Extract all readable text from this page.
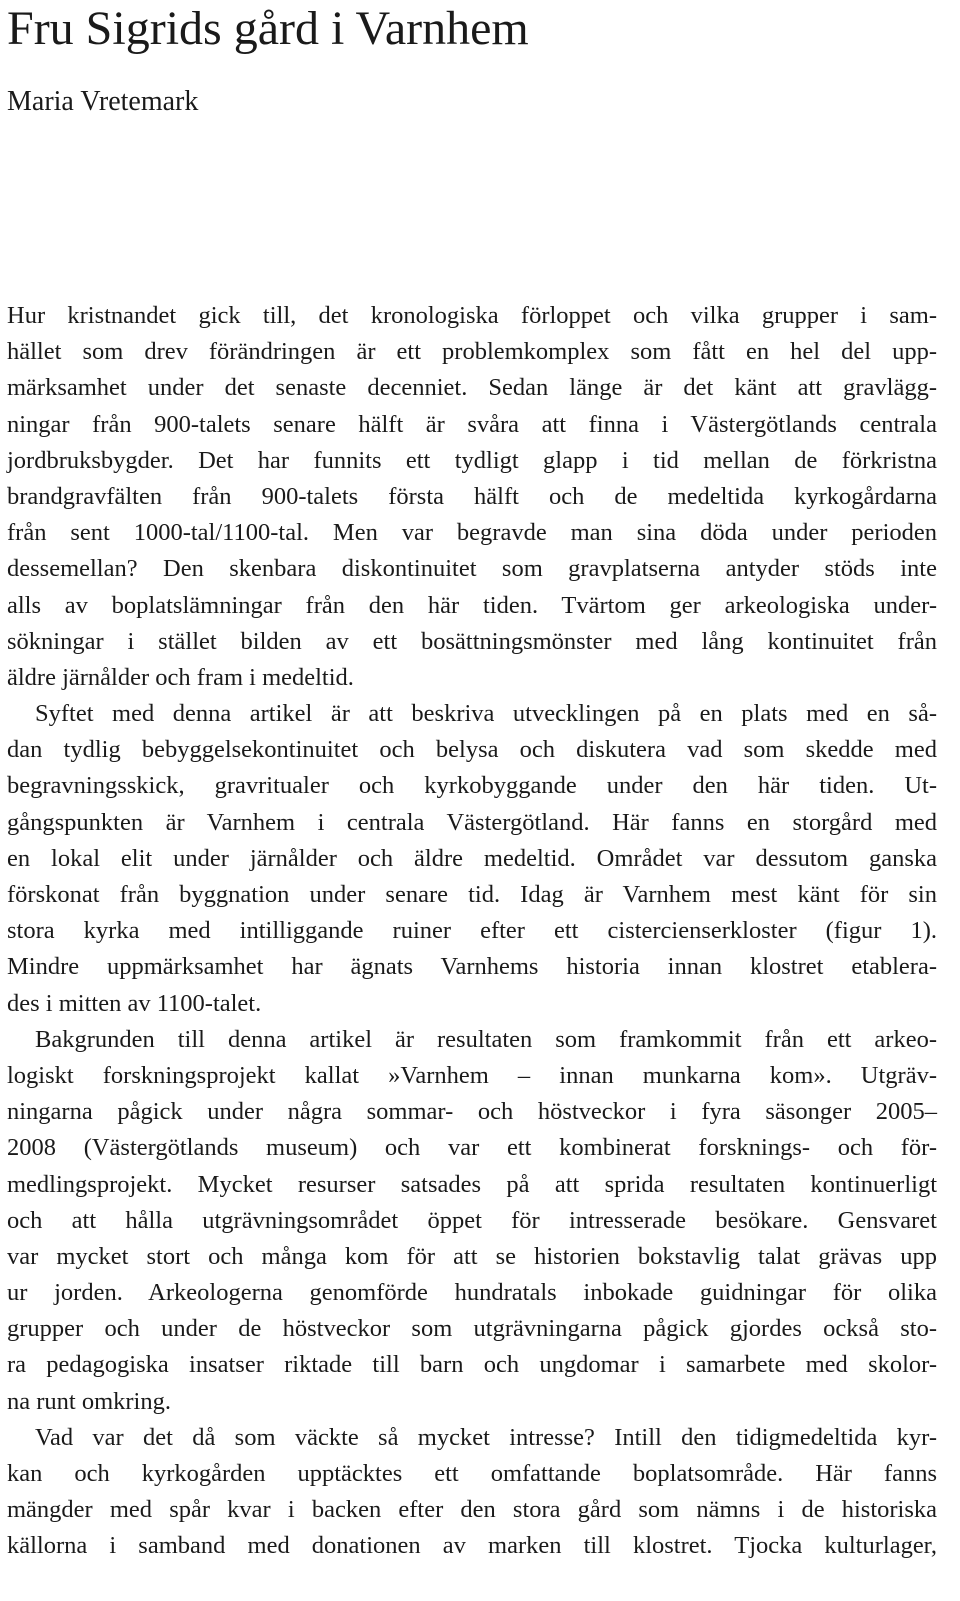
Fru Sigrids gård i Varnhem

Maria Vretemark

Hur kristnandet gick till, det kronologiska förloppet och vilka grupper i sam-
hället som drev förändringen är ett problemkomplex som fått en hel del upp-
märksamhet under det senaste decenniet. Sedan länge är det känt att gravlägg-
ningar från 900-talets senare hälft är svåra att finna i Västergötlands centrala
jordbruksbygder. Det har funnits ett tydligt glapp i tid mellan de förkristna
brandgravfälten från 900-talets första hälft och de medeltida kyrkogårdarna
från sent 1000-tal/1100-tal. Men var begravde man sina döda under perioden
dessemellan? Den skenbara diskontinuitet som gravplatserna antyder stöds inte
alls av boplatslämningar från den här tiden. Tvärtom ger arkeologiska under-
sökningar i stället bilden av ett bosättningsmönster med lång kontinuitet från
äldre järnålder och fram i medeltid.
Syftet med denna artikel är att beskriva utvecklingen på en plats med en så-
dan tydlig bebyggelsekontinuitet och belysa och diskutera vad som skedde med
begravningsskick, gravritualer och kyrkobyggande under den här tiden. Ut-
gångspunkten är Varnhem i centrala Västergötland. Här fanns en storgård med
en lokal elit under järnålder och äldre medeltid. Området var dessutom ganska
förskonat från byggnation under senare tid. Idag är Varnhem mest känt för sin
stora kyrka med intilliggande ruiner efter ett cistercienserkloster (figur 1).
Mindre uppmärksamhet har ägnats Varnhems historia innan klostret etablera-
des i mitten av 1100-talet.
Bakgrunden till denna artikel är resultaten som framkommit från ett arkeo-
logiskt forskningsprojekt kallat »Varnhem – innan munkarna kom». Utgräv-
ningarna pågick under några sommar- och höstveckor i fyra säsonger 2005–
2008 (Västergötlands museum) och var ett kombinerat forsknings- och för-
medlingsprojekt. Mycket resurser satsades på att sprida resultaten kontinuerligt
och att hålla utgrävningsområdet öppet för intresserade besökare. Gensvaret
var mycket stort och många kom för att se historien bokstavlig talat grävas upp
ur jorden. Arkeologerna genomförde hundratals inbokade guidningar för olika
grupper och under de höstveckor som utgrävningarna pågick gjordes också sto-
ra pedagogiska insatser riktade till barn och ungdomar i samarbete med skolor-
na runt omkring.
Vad var det då som väckte så mycket intresse? Intill den tidigmedeltida kyr-
kan och kyrkogården upptäcktes ett omfattande boplatsområde. Här fanns
mängder med spår kvar i backen efter den stora gård som nämns i de historiska
källorna i samband med donationen av marken till klostret. Tjocka kulturlager,
